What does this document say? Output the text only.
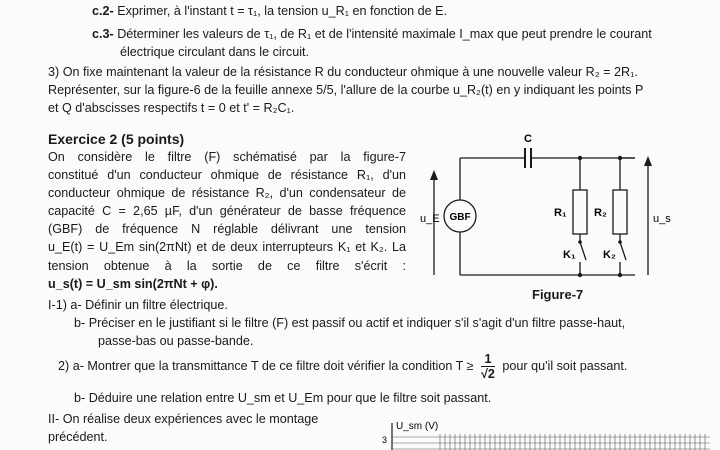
c.2- Exprimer, à l'instant t = τ₁, la tension u_R₁ en fonction de E.
c.3- Déterminer les valeurs de τ₁, de R₁ et de l'intensité maximale I_max que peut prendre le courant
électrique circulant dans le circuit.
3) On fixe maintenant la valeur de la résistance R du conducteur ohmique à une nouvelle valeur R₂ = 2R₁.
Représenter, sur la figure-6 de la feuille annexe 5/5, l'allure de la courbe u_R₂(t) en y indiquant les points P
et Q d'abscisses respectifs t = 0 et t' = R₂C₁.
Exercice 2 (5 points)
On considère le filtre (F) schématisé par la figure-7
constitué d'un conducteur ohmique de résistance R₁, d'un
conducteur ohmique de résistance R₂, d'un condensateur de
capacité C = 2,65 µF, d'un générateur de basse fréquence
(GBF) de fréquence N réglable délivrant une tension
u_E(t) = U_Em sin(2πNt) et de deux interrupteurs K₁ et K₂. La
tension obtenue à la sortie de ce filtre s'écrit :
u_s(t) = U_sm sin(2πNt + φ).
I-1) a- Définir un filtre électrique.
b- Préciser en le justifiant si le filtre (F) est passif ou actif et indiquer s'il s'agit d'un filtre passe-haut,
passe-bas ou passe-bande.
2) a- Montrer que la transmittance T de ce filtre doit vérifier la condition $T \ge \frac{1}{√2}$ pour qu'il soit passant.
b- Déduire une relation entre U_sm et U_Em pour que le filtre soit passant.
II- On réalise deux expériences avec le montage
précédent.
C
GBF
u_E	u_s
R₁	R₂
K₁	K₂
Figure-7
3
U_sm (V)
